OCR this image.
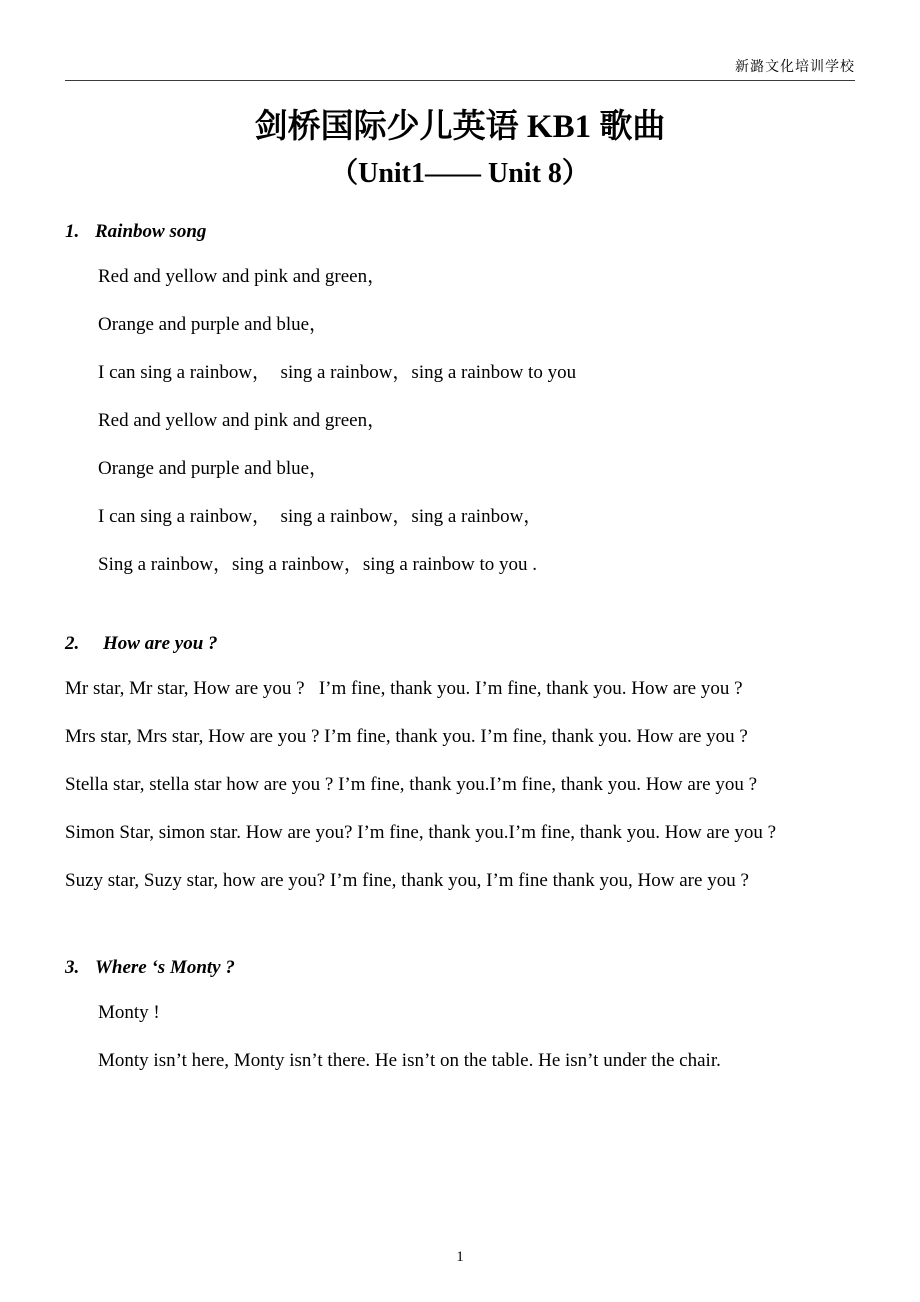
新潞文化培训学校
剑桥国际少儿英语 KB1 歌曲
（Unit1—— Unit 8）
1. Rainbow song

Red and yellow and pink and green，

Orange and purple and blue，

I can sing a rainbow，  sing a rainbow，sing a rainbow to you

Red and yellow and pink and green，

Orange and purple and blue，

I can sing a rainbow，  sing a rainbow，sing a rainbow，

Sing a rainbow，sing a rainbow，sing a rainbow to you .

2. How are you ?

Mr star, Mr star, How are you ?   I’m fine, thank you. I’m fine, thank you. How are you ?

Mrs star, Mrs star, How are you ? I’m fine, thank you. I’m fine, thank you. How are you ?

Stella star, stella star how are you ? I’m fine, thank you.I’m fine, thank you. How are you ?

Simon Star, simon star. How are you? I’m fine, thank you.I’m fine, thank you. How are you ?

Suzy star, Suzy star, how are you? I’m fine, thank you, I’m fine thank you, How are you ?

3. Where ‘s Monty ?

Monty !

Monty isn’t here, Monty isn’t there. He isn’t on the table. He isn’t under the chair.

1
